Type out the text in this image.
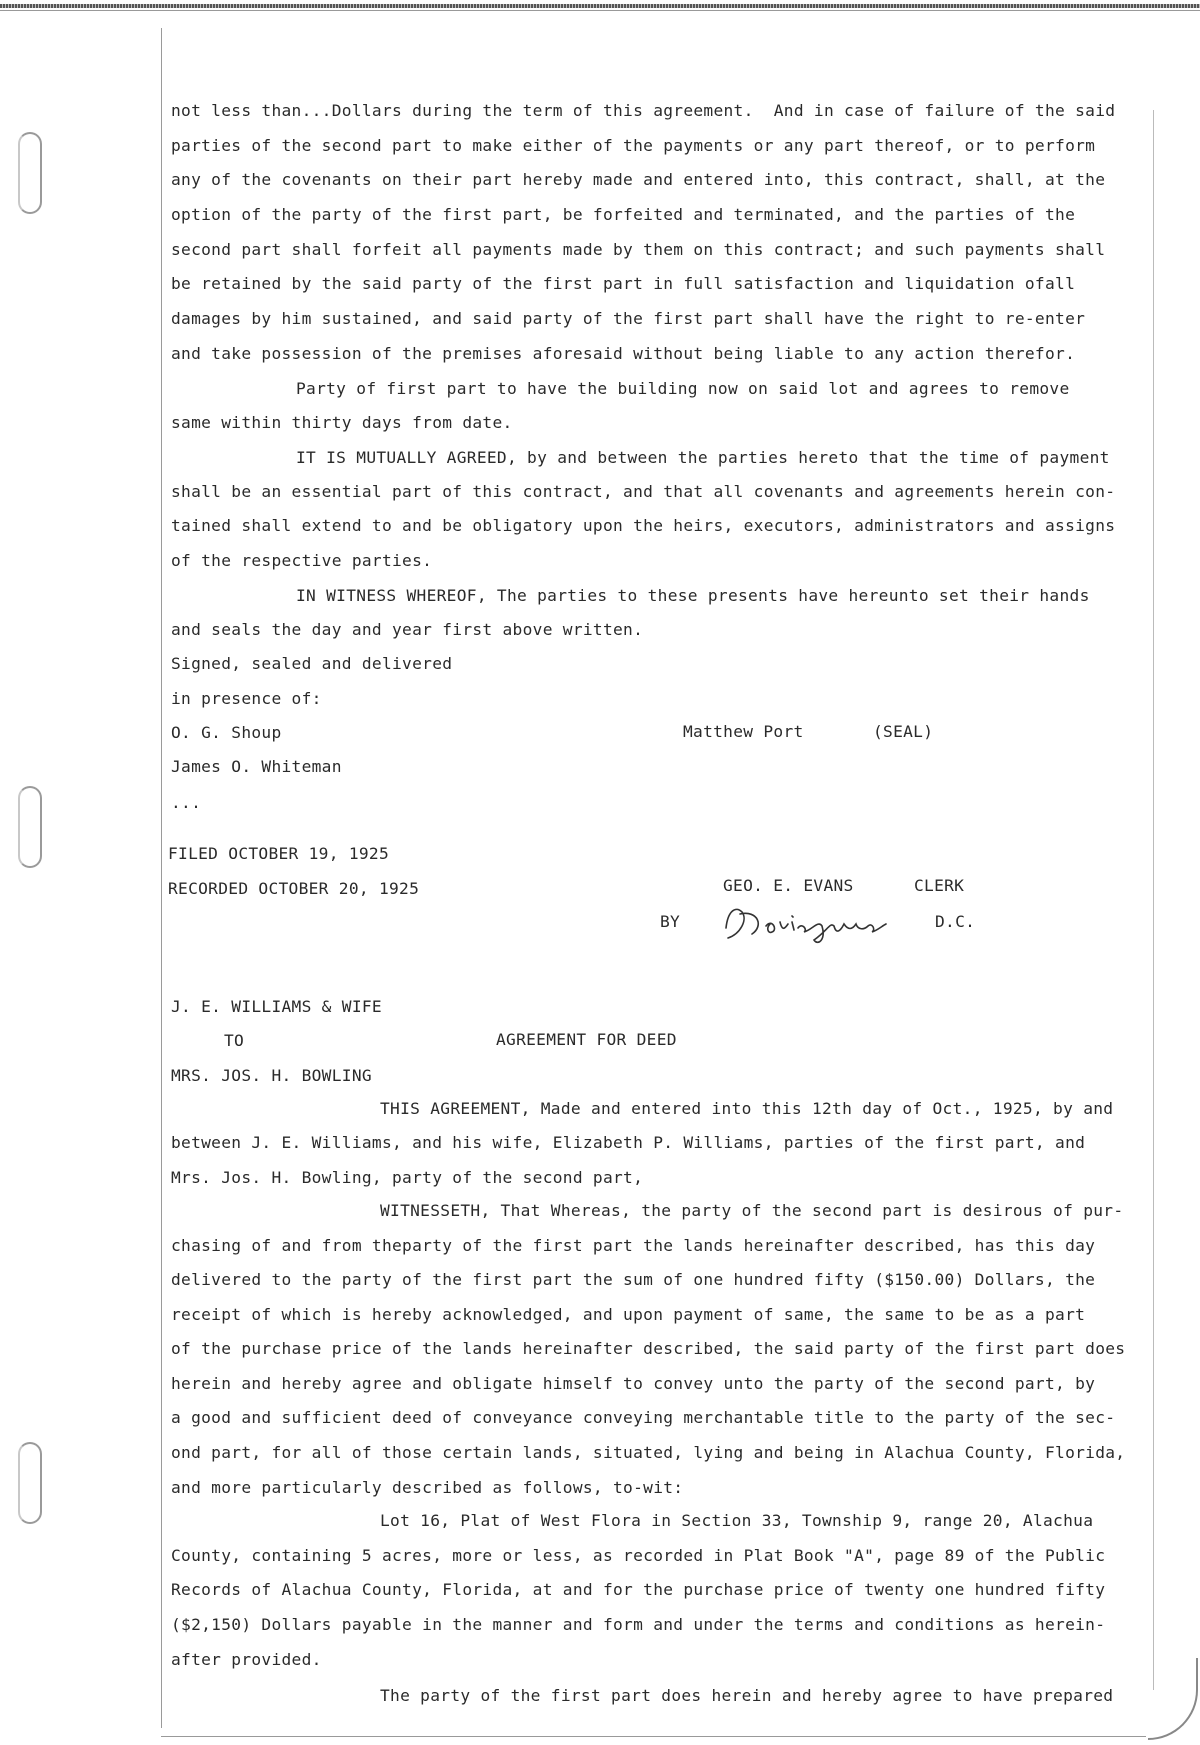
not less than...Dollars during the term of this agreement.  And in case of failure of the said
parties of the second part to make either of the payments or any part thereof, or to perform
any of the covenants on their part hereby made and entered into, this contract, shall, at the
option of the party of the first part, be forfeited and terminated, and the parties of the
second part shall forfeit all payments made by them on this contract; and such payments shall
be retained by the said party of the first part in full satisfaction and liquidation ofall
damages by him sustained, and said party of the first part shall have the right to re-enter
and take possession of the premises aforesaid without being liable to any action therefor.
Party of first part to have the building now on said lot and agrees to remove
same within thirty days from date.
IT IS MUTUALLY AGREED, by and between the parties hereto that the time of payment
shall be an essential part of this contract, and that all covenants and agreements herein con-
tained shall extend to and be obligatory upon the heirs, executors, administrators and assigns
of the respective parties.
IN WITNESS WHEREOF, The parties to these presents have hereunto set their hands
and seals the day and year first above written.
Signed, sealed and delivered
in presence of:
O. G. Shoup	Matthew Port	(SEAL)
James O. Whiteman
...
FILED OCTOBER 19, 1925
RECORDED OCTOBER 20, 1925	GEO. E. EVANS	CLERK
BY	D.C.
J. E. WILLIAMS & WIFE
TO	AGREEMENT FOR DEED
MRS. JOS. H. BOWLING
THIS AGREEMENT, Made and entered into this 12th day of Oct., 1925, by and
between J. E. Williams, and his wife, Elizabeth P. Williams, parties of the first part, and
Mrs. Jos. H. Bowling, party of the second part,
WITNESSETH, That Whereas, the party of the second part is desirous of pur-
chasing of and from theparty of the first part the lands hereinafter described, has this day
delivered to the party of the first part the sum of one hundred fifty ($150.00) Dollars, the
receipt of which is hereby acknowledged, and upon payment of same, the same to be as a part
of the purchase price of the lands hereinafter described, the said party of the first part does
herein and hereby agree and obligate himself to convey unto the party of the second part, by
a good and sufficient deed of conveyance conveying merchantable title to the party of the sec-
ond part, for all of those certain lands, situated, lying and being in Alachua County, Florida,
and more particularly described as follows, to-wit:
Lot 16, Plat of West Flora in Section 33, Township 9, range 20, Alachua
County, containing 5 acres, more or less, as recorded in Plat Book "A", page 89 of the Public
Records of Alachua County, Florida, at and for the purchase price of twenty one hundred fifty
($2,150) Dollars payable in the manner and form and under the terms and conditions as herein-
after provided.
The party of the first part does herein and hereby agree to have prepared
